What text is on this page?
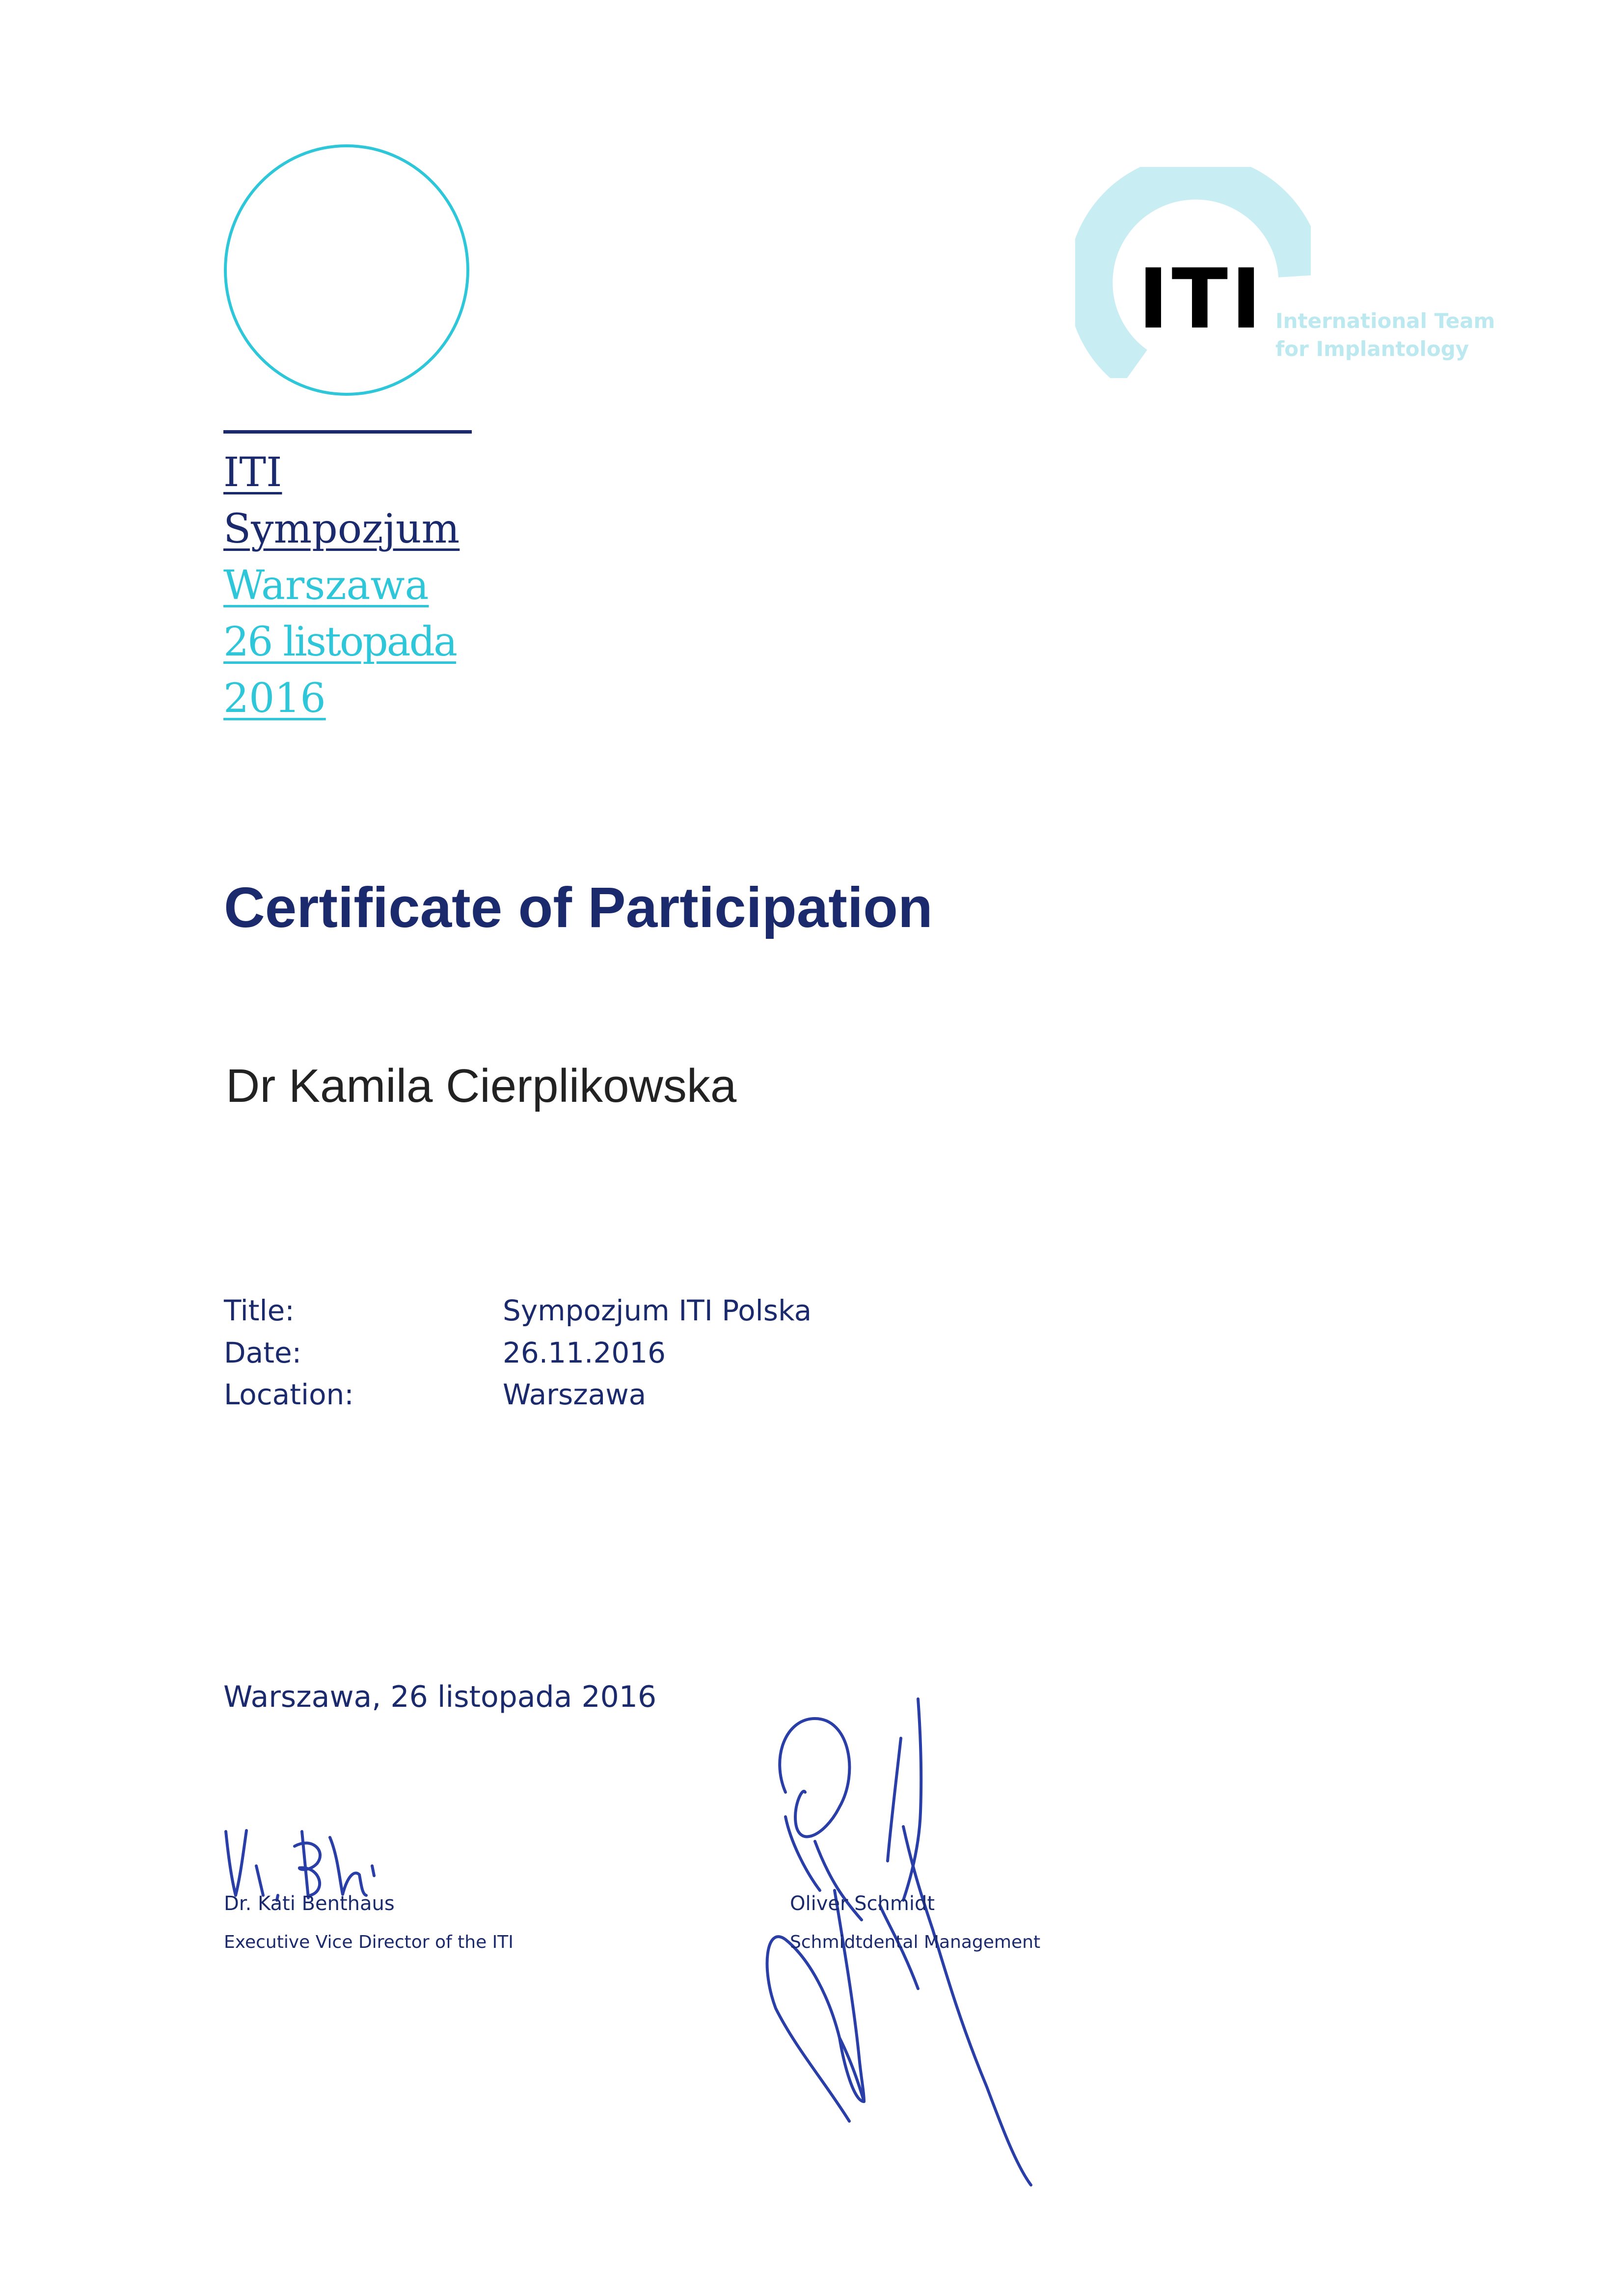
ITI
Sympozjum
Warszawa
26 listopada
2016
ITI International Team
for Implantology
Certificate of Participation
Dr Kamila Cierplikowska
Title:	Sympozjum ITI Polska
Date:	26.11.2016
Location:	Warszawa
Warszawa, 26 listopada 2016
Dr. Kati Benthaus
Executive Vice Director of the ITI
Oliver Schmidt
Schmidtdental Management
